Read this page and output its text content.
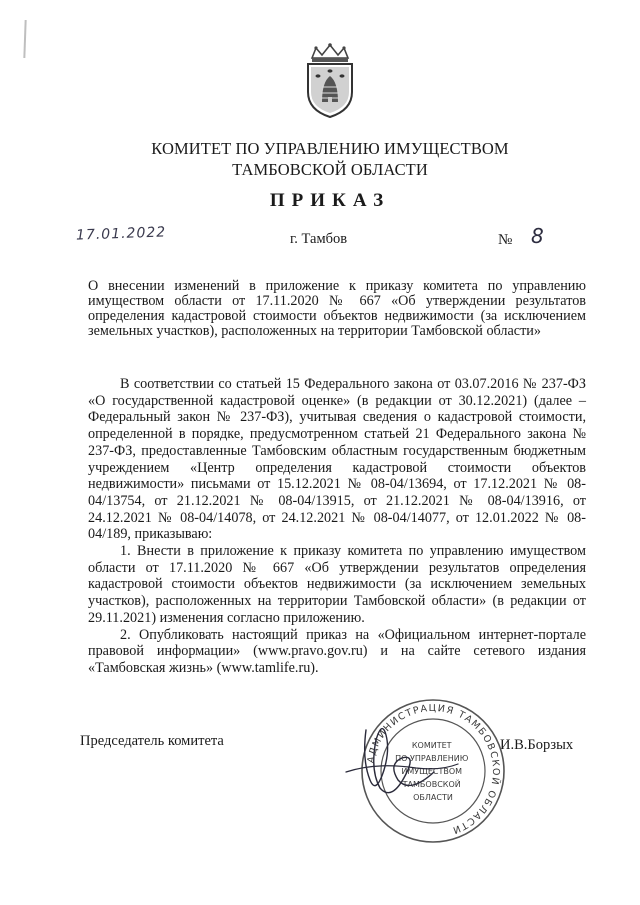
КОМИТЕТ ПО УПРАВЛЕНИЮ ИМУЩЕСТВОМ
ТАМБОВСКОЙ ОБЛАСТИ
ПРИКАЗ
17.01.2022	г. Тамбов	№ 8
О внесении изменений в приложение к приказу комитета по управлению имуществом области от 17.11.2020 № 667 «Об утверждении результатов определения кадастровой стоимости объектов недвижимости (за исключением земельных участков), расположенных на территории Тамбовской области»

В соответствии со статьей 15 Федерального закона от 03.07.2016 № 237-ФЗ «О государственной кадастровой оценке» (в редакции от 30.12.2021) (далее – Федеральный закон № 237-ФЗ), учитывая сведения о кадастровой стоимости, определенной в порядке, предусмотренном статьей 21 Федерального закона № 237-ФЗ, предоставленные Тамбовским областным государственным бюджетным учреждением «Центр определения кадастровой стоимости объектов недвижимости» письмами от 15.12.2021 № 08-04/13694, от 17.12.2021 № 08-04/13754, от 21.12.2021 № 08-04/13915, от 21.12.2021 № 08-04/13916, от 24.12.2021 № 08-04/14078, от 24.12.2021 № 08-04/14077, от 12.01.2022 № 08-04/189, приказываю:

1. Внести в приложение к приказу комитета по управлению имуществом области от 17.11.2020 № 667 «Об утверждении результатов определения кадастровой стоимости объектов недвижимости (за исключением земельных участков), расположенных на территории Тамбовской области» (в редакции от 29.11.2021) изменения согласно приложению.

2. Опубликовать настоящий приказ на «Официальном интернет-портале правовой информации» (www.pravo.gov.ru) и на сайте сетевого издания «Тамбовская жизнь» (www.tamlife.ru).

Председатель комитета	И.В.Борзых
АДМИНИСТРАЦИЯ ТАМБОВСКОЙ ОБЛАСТИ
КОМИТЕТ ПО УПРАВЛЕНИЮ ИМУЩЕСТВОМ ТАМБОВСКОЙ ОБЛАСТИ
